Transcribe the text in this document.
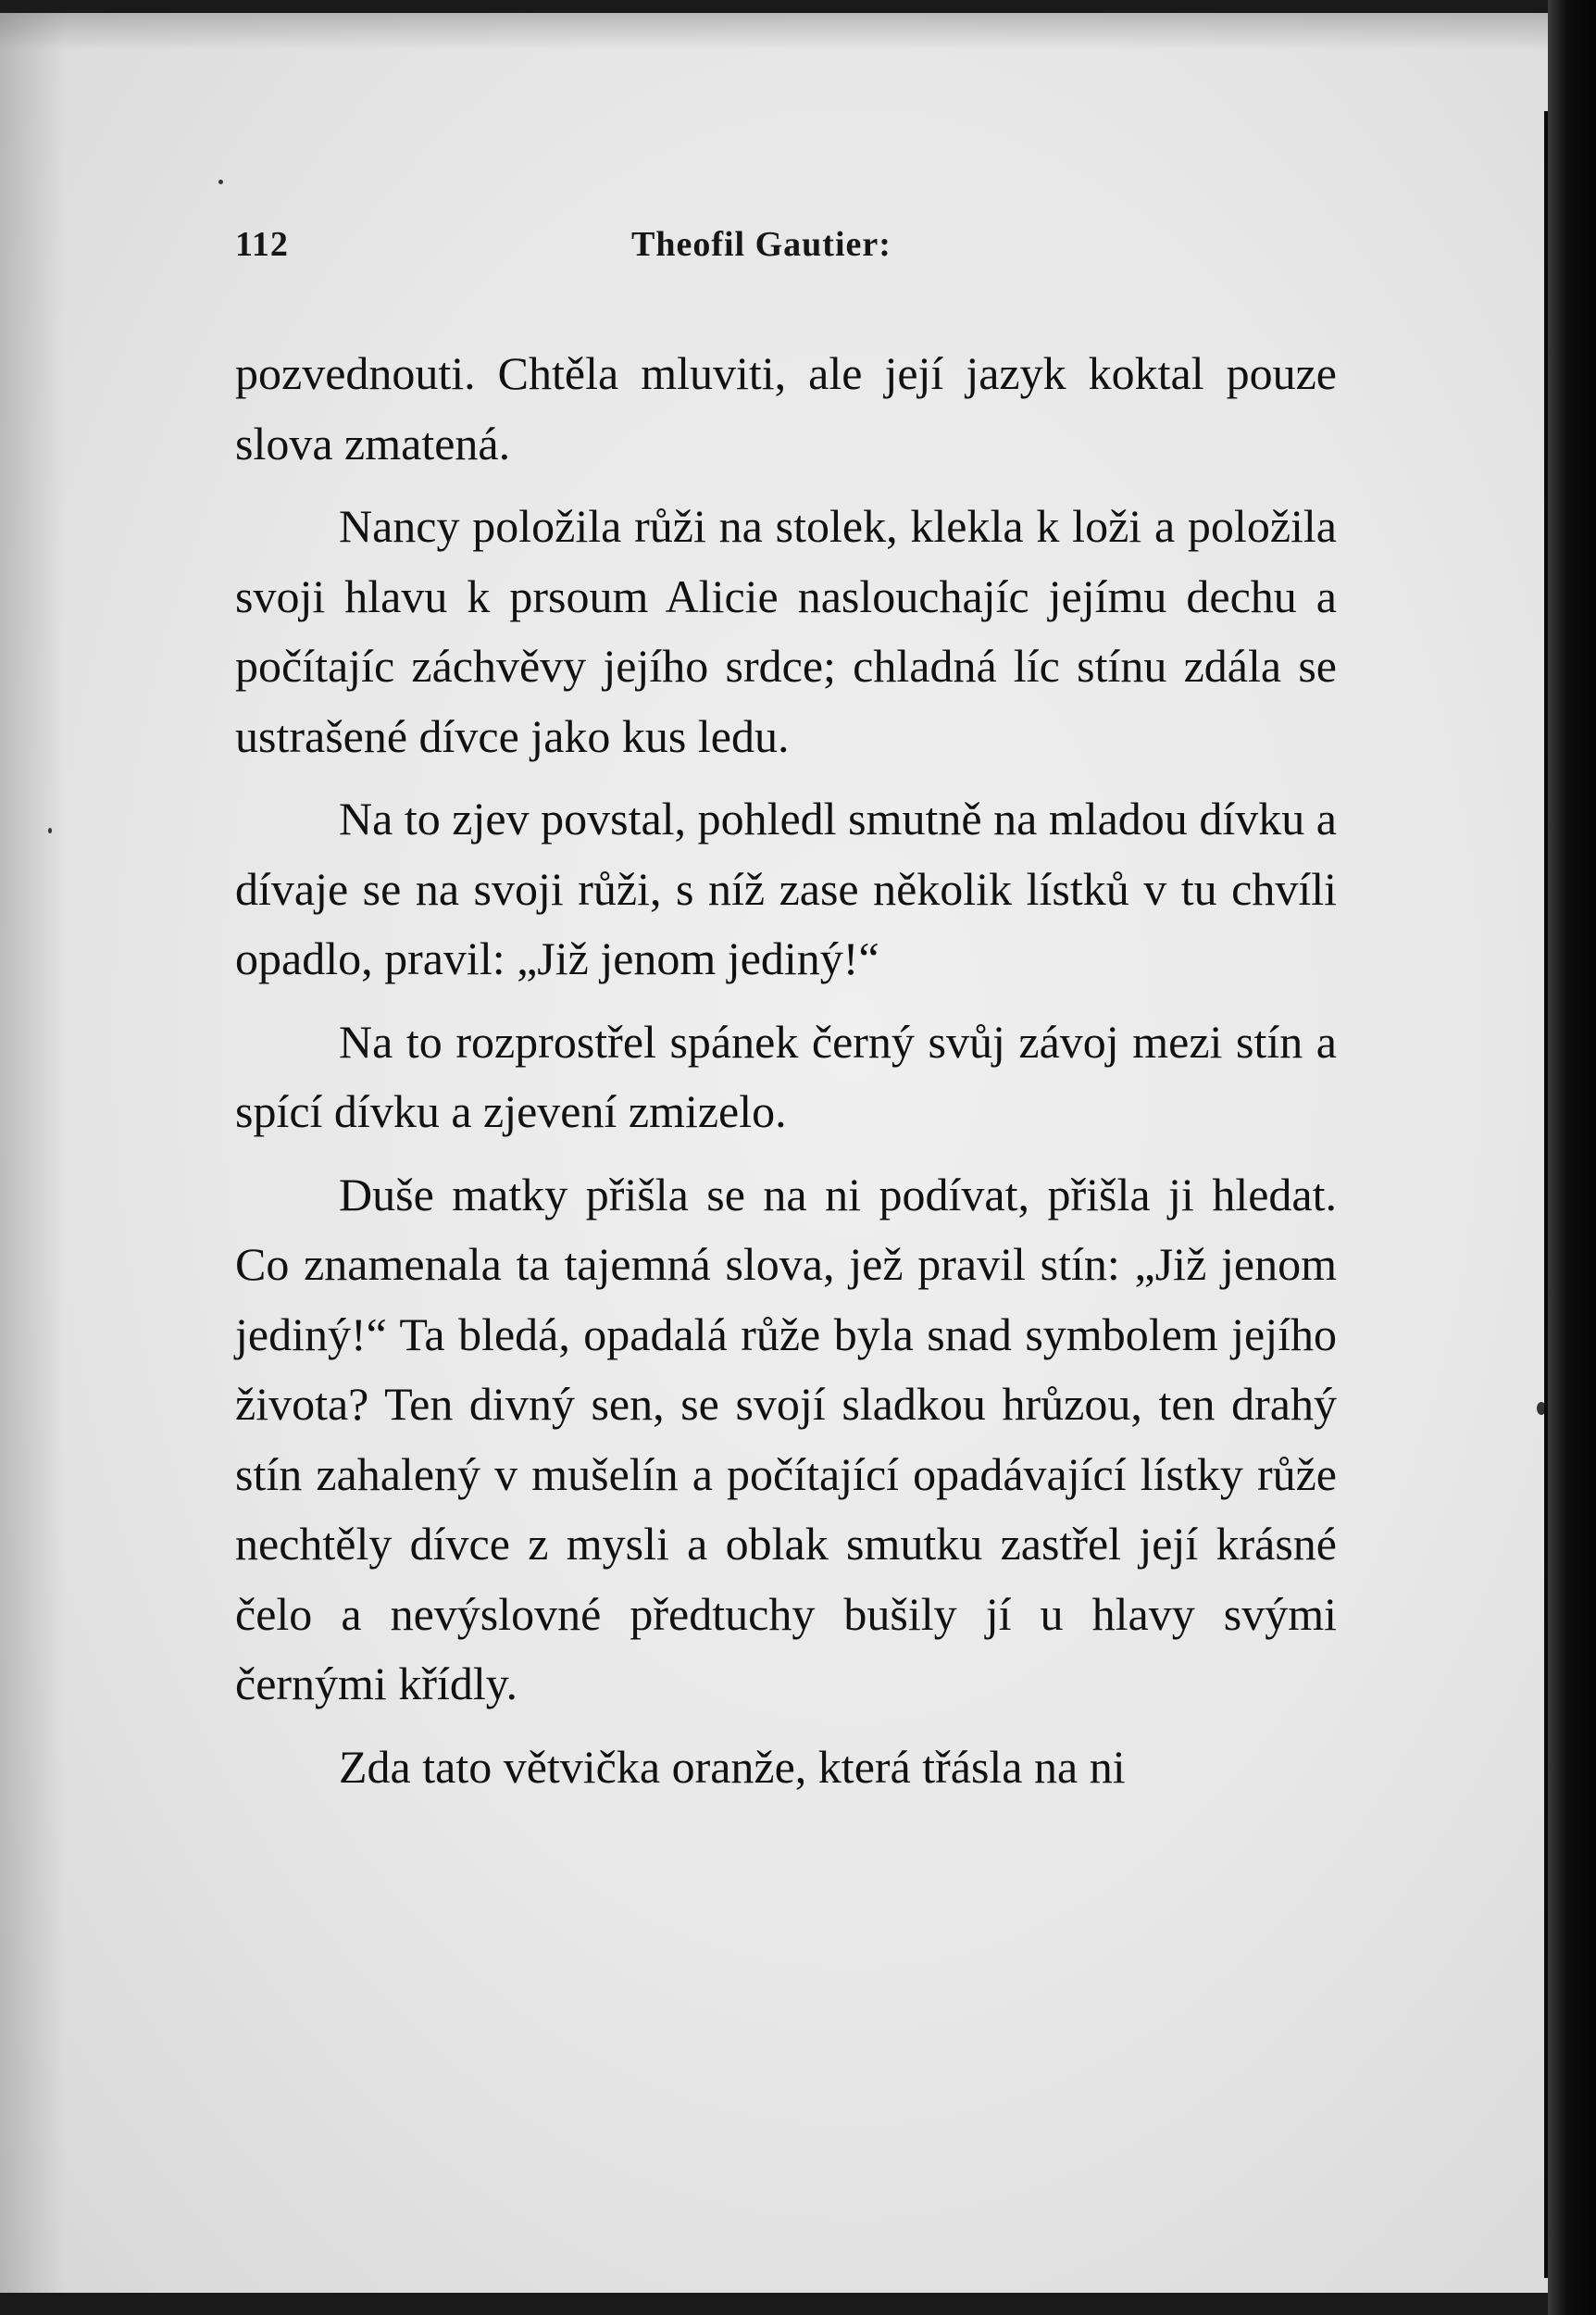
112	Theofil Gautier:

pozvednouti. Chtěla mluviti, ale její jazyk koktal pouze slova zmatená.

Nancy položila růži na stolek, klekla k loži a položila svoji hlavu k prsoum Alicie naslouchajíc jejímu dechu a počítajíc záchvěvy jejího srdce; chladná líc stínu zdála se ustrašené dívce jako kus ledu.

Na to zjev povstal, pohledl smutně na mladou dívku a dívaje se na svoji růži, s níž zase několik lístků v tu chvíli opadlo, pravil: „Již jenom jediný!“

Na to rozprostřel spánek černý svůj závoj mezi stín a spící dívku a zjevení zmizelo.

Duše matky přišla se na ni podívat, přišla ji hledat. Co znamenala ta tajemná slova, jež pravil stín: „Již jenom jediný!“ Ta bledá, opadalá růže byla snad symbolem jejího života? Ten divný sen, se svojí sladkou hrůzou, ten drahý stín zahalený v mušelín a počítající opadávající lístky růže nechtěly dívce z mysli a oblak smutku zastřel její krásné čelo a nevýslovné předtuchy bušily jí u hlavy svými černými křídly.

Zda tato větvička oranže, která třásla na ni
